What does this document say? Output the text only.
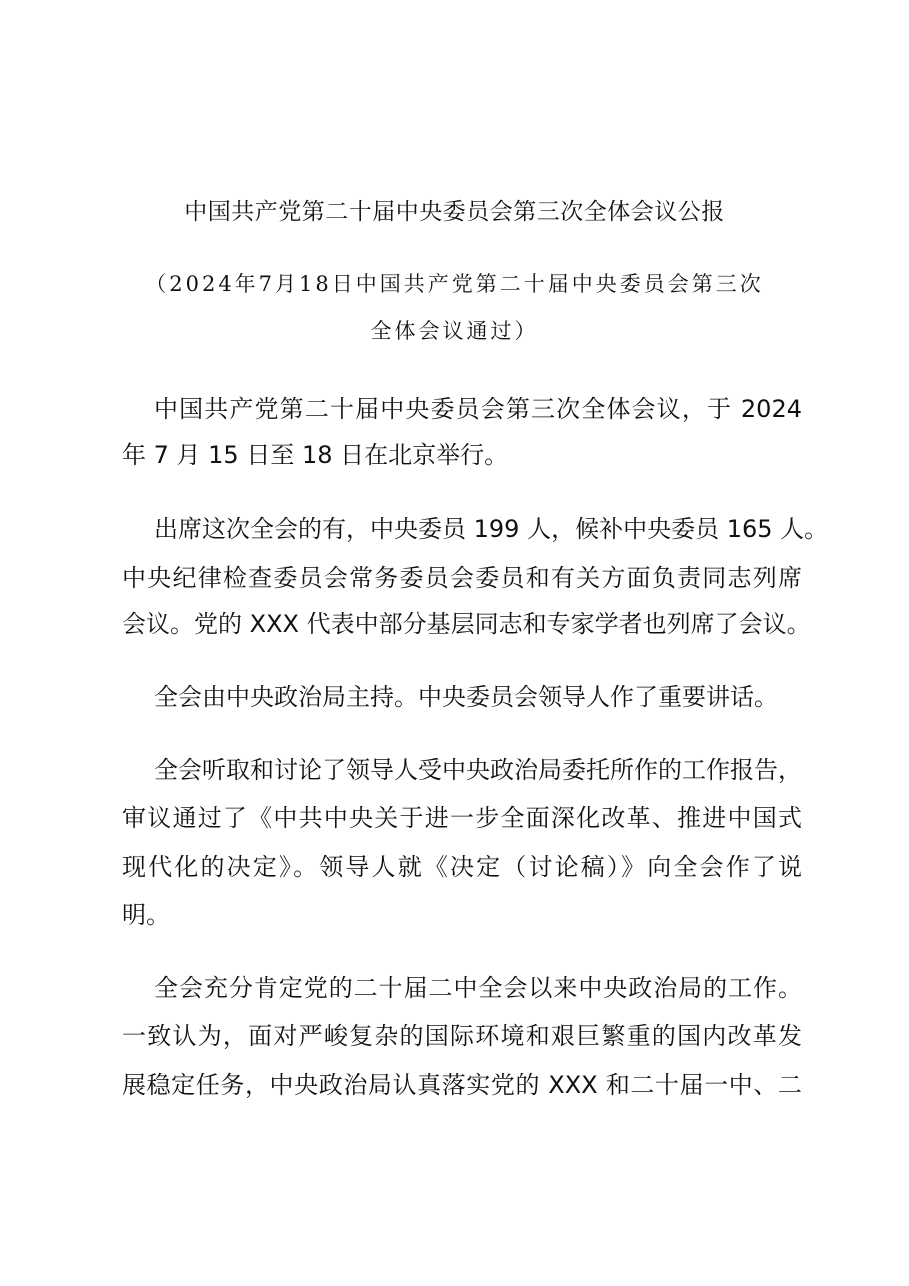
中国共产党第二十届中央委员会第三次全体会议公报
（2024年7月18日中国共产党第二十届中央委员会第三次
全体会议通过）
中国共产党第二十届中央委员会第三次全体会议，于 2024
年 7 月 15 日至 18 日在北京举行。
出席这次全会的有，中央委员 199 人，候补中央委员 165 人。
中央纪律检查委员会常务委员会委员和有关方面负责同志列席
会议。党的 XXX 代表中部分基层同志和专家学者也列席了会议。
全会由中央政治局主持。中央委员会领导人作了重要讲话。
全会听取和讨论了领导人受中央政治局委托所作的工作报告，
审议通过了《中共中央关于进一步全面深化改革、推进中国式
现代化的决定》。领导人就《决定（讨论稿）》向全会作了说
明。
全会充分肯定党的二十届二中全会以来中央政治局的工作。
一致认为，面对严峻复杂的国际环境和艰巨繁重的国内改革发
展稳定任务，中央政治局认真落实党的 XXX 和二十届一中、二
